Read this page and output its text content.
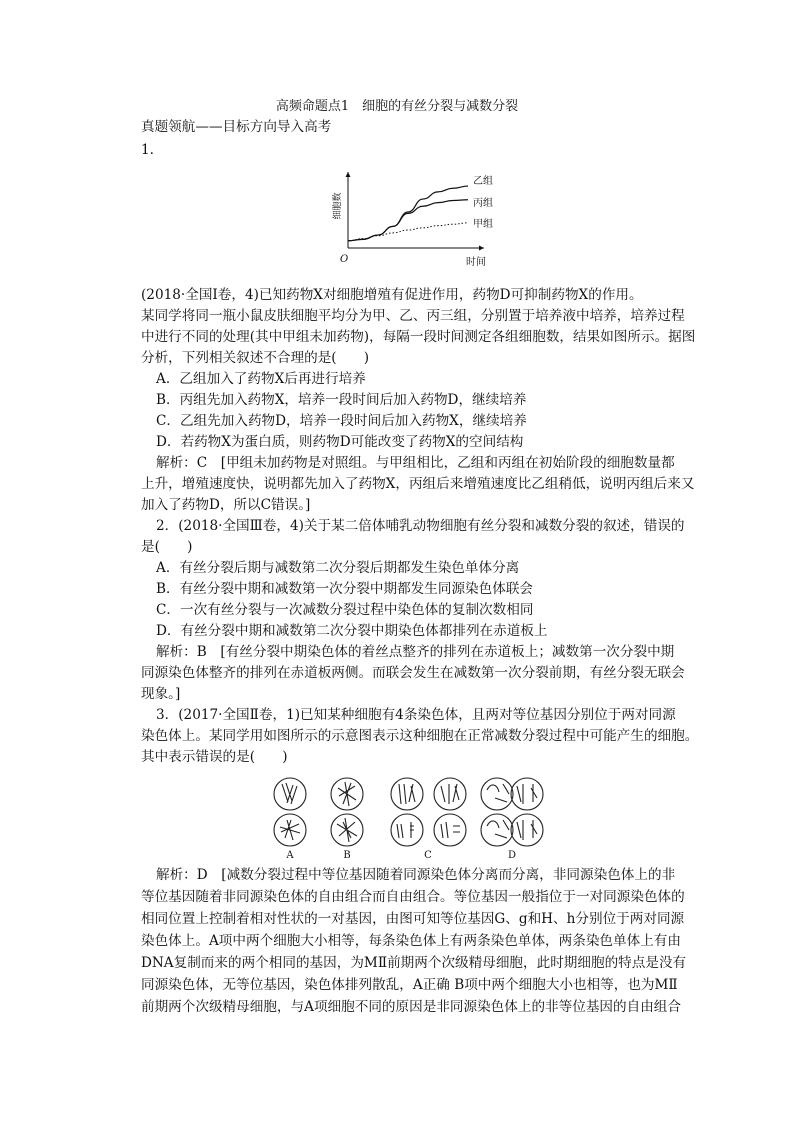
高频命题点1　细胞的有丝分裂与减数分裂
真题领航——目标方向导入高考
1.
乙组
丙组
甲组
细胞数
时间
O
(2018·全国Ⅰ卷，4)已知药物X对细胞增殖有促进作用，药物D可抑制药物X的作用。
某同学将同一瓶小鼠皮肤细胞平均分为甲、乙、丙三组，分别置于培养液中培养，培养过程
中进行不同的处理(其中甲组未加药物)，每隔一段时间测定各组细胞数，结果如图所示。据图
分析，下列相关叙述不合理的是(　　)
A．乙组加入了药物X后再进行培养
B．丙组先加入药物X，培养一段时间后加入药物D，继续培养
C．乙组先加入药物D，培养一段时间后加入药物X，继续培养
D．若药物X为蛋白质，则药物D可能改变了药物X的空间结构
解析：C　[甲组未加药物是对照组。与甲组相比，乙组和丙组在初始阶段的细胞数量都
上升，增殖速度快，说明都先加入了药物X，丙组后来增殖速度比乙组稍低，说明丙组后来又
加入了药物D，所以C错误。]
2．(2018·全国Ⅲ卷，4)关于某二倍体哺乳动物细胞有丝分裂和减数分裂的叙述，错误的
是(　　)
A．有丝分裂后期与减数第二次分裂后期都发生染色单体分离
B．有丝分裂中期和减数第一次分裂中期都发生同源染色体联会
C．一次有丝分裂与一次减数分裂过程中染色体的复制次数相同
D．有丝分裂中期和减数第二次分裂中期染色体都排列在赤道板上
解析：B　[有丝分裂中期染色体的着丝点整齐的排列在赤道板上；减数第一次分裂中期
同源染色体整齐的排列在赤道板两侧。而联会发生在减数第一次分裂前期，有丝分裂无联会
现象。]
3．(2017·全国Ⅱ卷，1)已知某种细胞有4条染色体，且两对等位基因分别位于两对同源
染色体上。某同学用如图所示的示意图表示这种细胞在正常减数分裂过程中可能产生的细胞。
其中表示错误的是(　　)
A	B	C	D
解析：D　[减数分裂过程中等位基因随着同源染色体分离而分离，非同源染色体上的非
等位基因随着非同源染色体的自由组合而自由组合。等位基因一般指位于一对同源染色体的
相同位置上控制着相对性状的一对基因，由图可知等位基因G、g和H、h分别位于两对同源
染色体上。A项中两个细胞大小相等，每条染色体上有两条染色单体，两条染色单体上有由
DNA复制而来的两个相同的基因，为MⅡ前期两个次级精母细胞，此时期细胞的特点是没有
同源染色体，无等位基因，染色体排列散乱，A正确 B项中两个细胞大小也相等，也为MⅡ
前期两个次级精母细胞，与A项细胞不同的原因是非同源染色体上的非等位基因的自由组合
